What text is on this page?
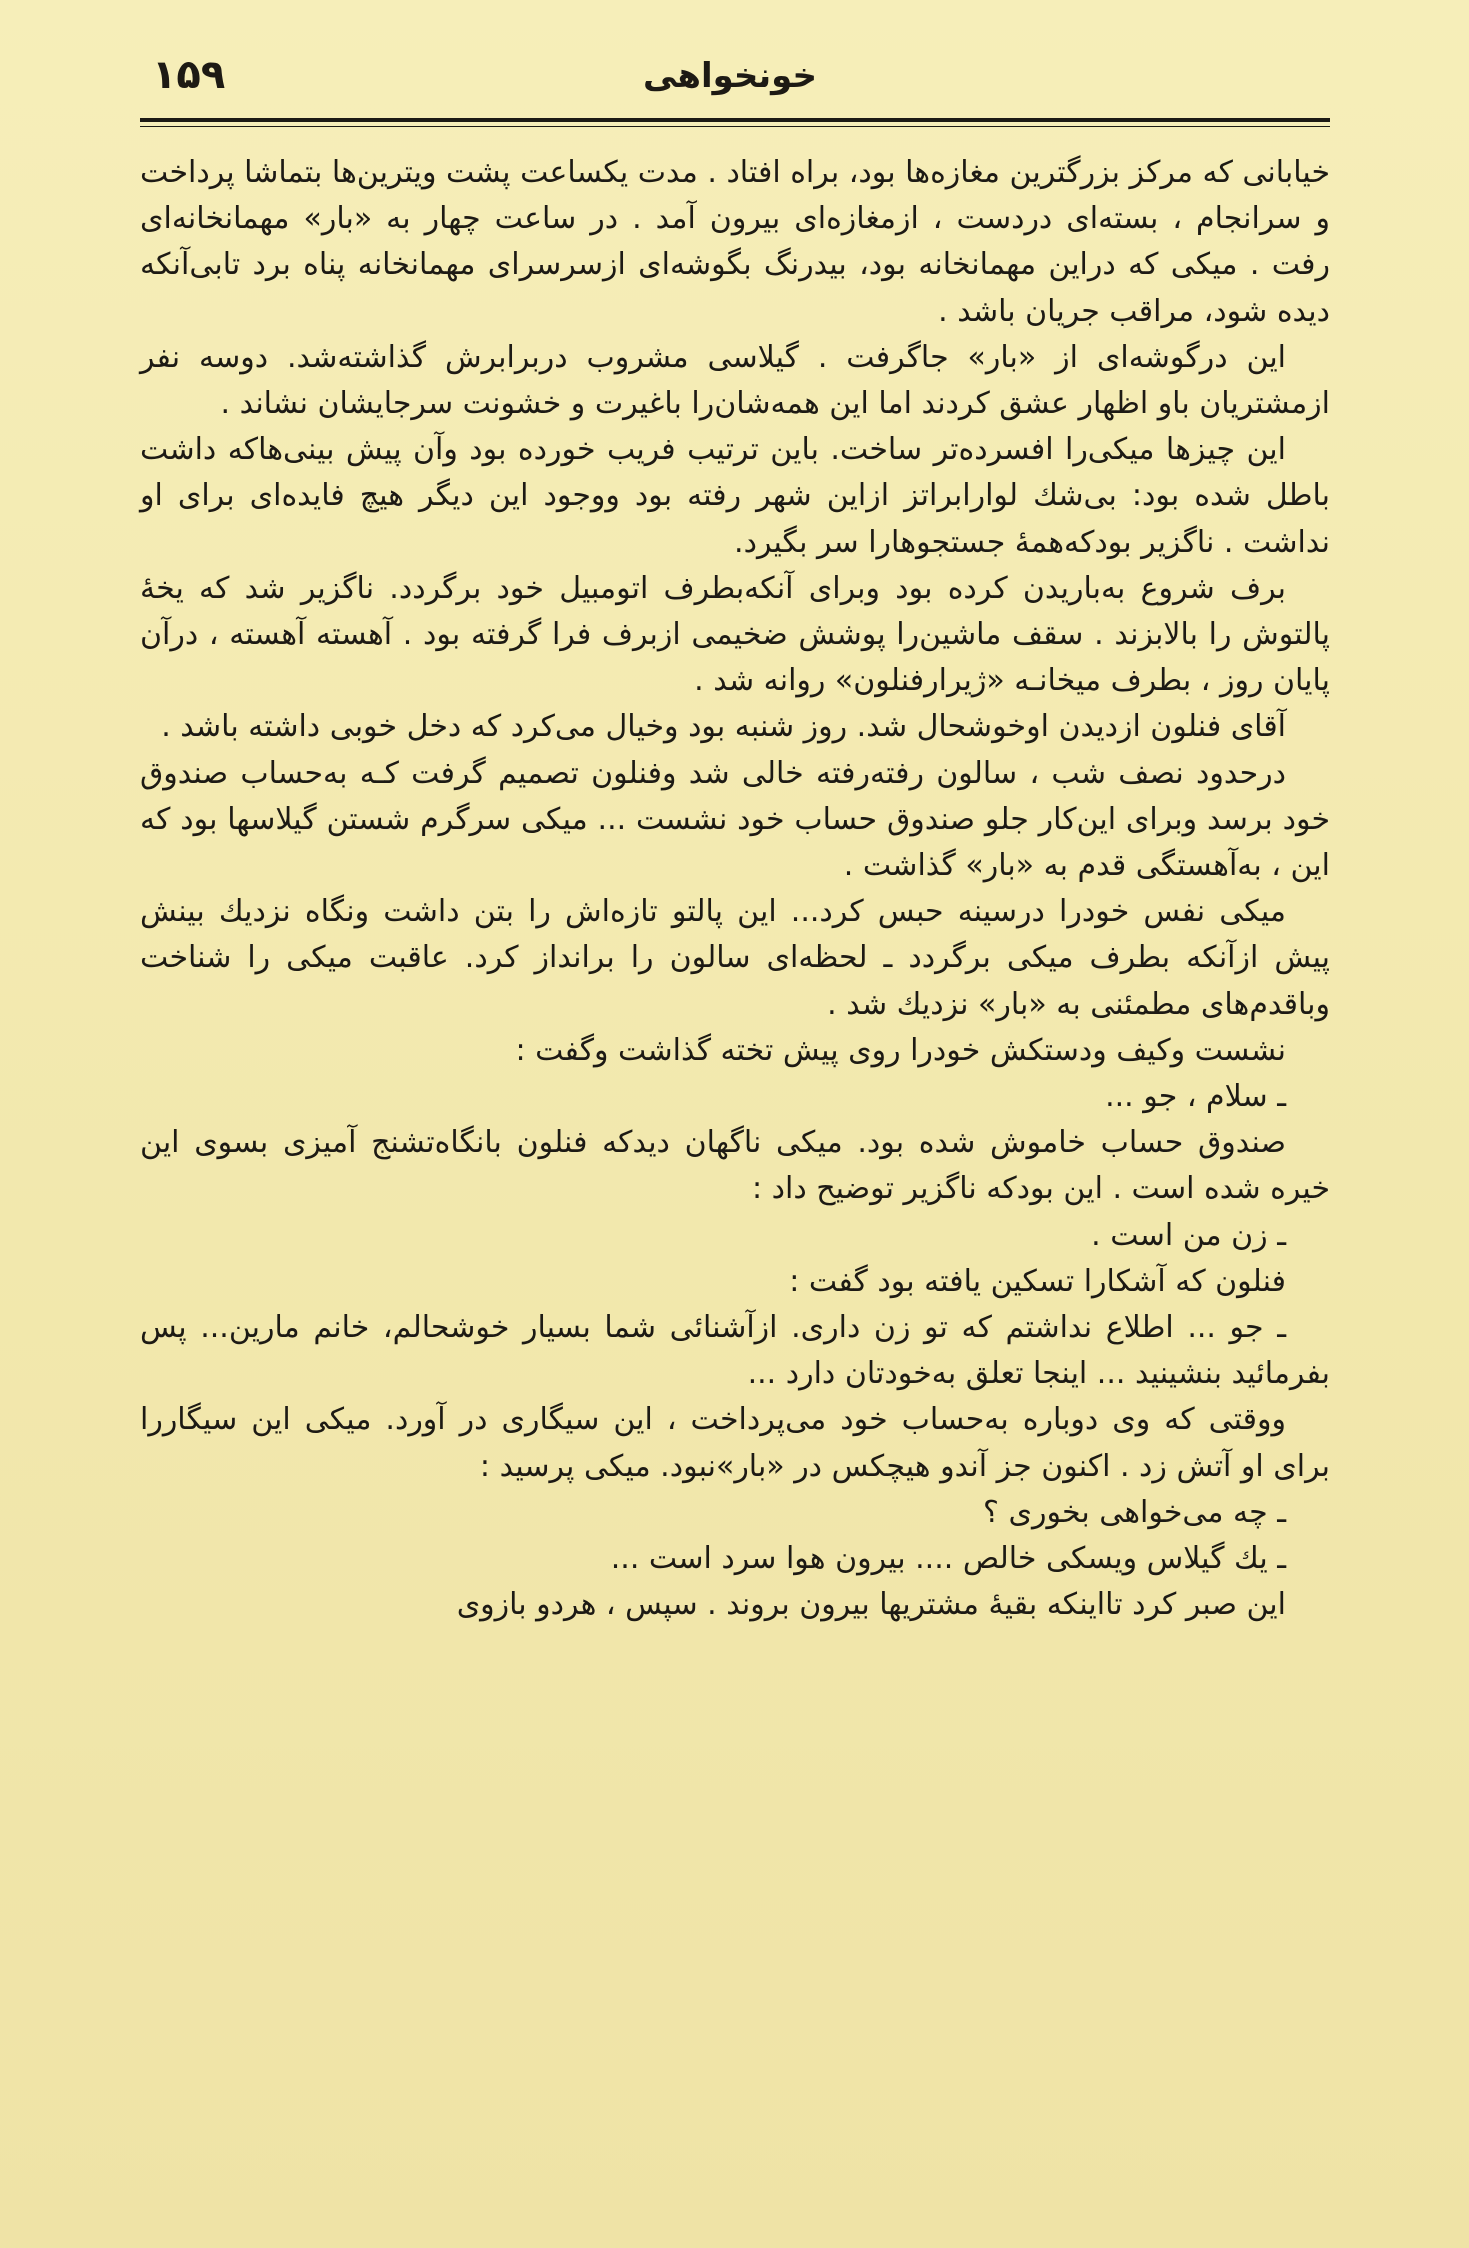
۱۵۹	خونخواهی

خیابانی که مرکز بزرگترین مغازه‌ها بود، براه افتاد . مدت یکساعت پشت ویترین‌ها بتماشا پرداخت و سرانجام ، بسته‌ای دردست ، ازمغازه‌ای بیرون آمد . در ساعت چهار به «بار» مهمانخانه‌ای رفت . میکی که دراین مهمانخانه بود، بیدرنگ بگوشه‌ای ازسرسرای مهمانخانه پناه برد تابی‌آنکه دیده شود، مراقب جریان باشد .

این درگوشه‌ای از «بار» جاگرفت . گیلاسی مشروب دربرابرش گذاشته‌شد. دوسه نفر ازمشتریان باو اظهار عشق کردند اما این همه‌شان‌را باغیرت و خشونت سرجایشان نشاند .

این چیزها میکی‌را افسرده‌تر ساخت. باین ترتیب فریب خورده بود وآن پیش بینی‌هاکه داشت باطل شده بود: بی‌شك لوارابراتز ازاین شهر رفته بود ووجود این دیگر هیچ فایده‌ای برای او نداشت . ناگزیر بودکه‌همهٔ جستجوهارا سر بگیرد.

برف شروع به‌باریدن کرده بود وبرای آنکه‌بطرف اتومبیل خود برگردد. ناگزیر شد که یخهٔ پالتوش را بالابزند . سقف ماشین‌را پوشش ضخیمی ازبرف فرا گرفته بود . آهسته آهسته ، درآن پایان روز ، بطرف میخانـه «ژیرارفنلون» روانه شد .

آقای فنلون ازدیدن اوخوشحال شد. روز شنبه بود وخیال می‌کرد که دخل خوبی داشته باشد .

درحدود نصف شب ، سالون رفته‌رفته خالی شد وفنلون تصمیم گرفت کـه به‌حساب صندوق خود برسد وبرای این‌کار جلو صندوق حساب خود نشست ... میکی سرگرم شستن گیلاسها بود که این ، به‌آهستگی قدم به «بار» گذاشت .

میکی نفس خودرا درسینه حبس کرد... این پالتو تازه‌اش را بتن داشت ونگاه نزدیك بینش پیش ازآنکه بطرف میکی برگردد ـ لحظه‌ای سالون را برانداز کرد. عاقبت میکی را شناخت وباقدم‌های مطمئنی به «بار» نزدیك شد .

نشست وکیف ودستکش خودرا روی پیش تخته گذاشت وگفت :

ـ سلام ، جو ...

صندوق حساب خاموش شده بود. میکی ناگهان دیدکه فنلون بانگاه‌تشنج آمیزی بسوی این خیره شده است . این بودکه ناگزیر توضیح داد :

ـ زن من است .

فنلون که آشکارا تسکین یافته بود گفت :

ـ جو ... اطلاع نداشتم که تو زن داری. ازآشنائی شما بسیار خوشحالم، خانم مارین... پس بفرمائید بنشینید ... اینجا تعلق به‌خودتان دارد ...

ووقتی که وی دوباره به‌حساب خود می‌پرداخت ، این سیگاری در آورد. میکی این سیگاررا برای او آتش زد . اکنون جز آندو هیچکس در «بار»نبود. میکی پرسید :

ـ چه می‌خواهی بخوری ؟

ـ یك گیلاس ویسکی خالص .... بیرون هوا سرد است ...

این صبر کرد تااینکه بقیهٔ مشتریها بیرون بروند . سپس ، هردو بازوی
